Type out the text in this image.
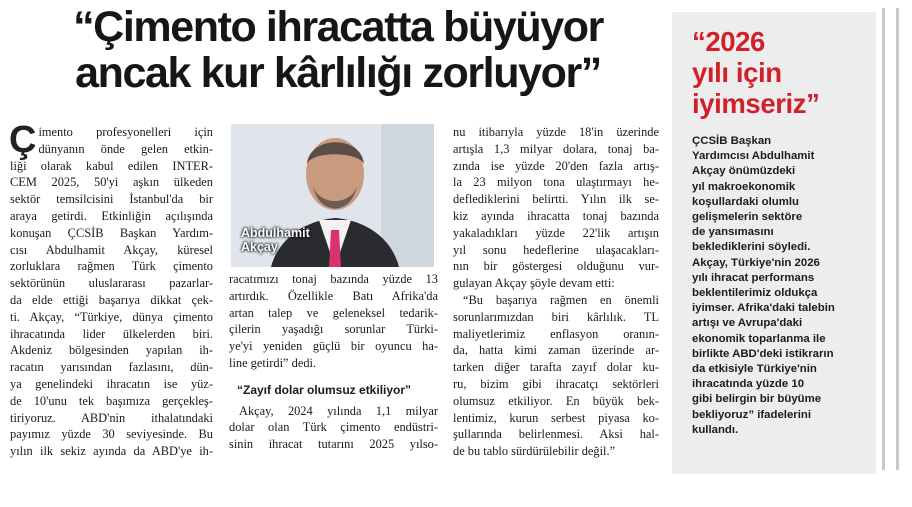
“Çimento ihracatta büyüyor
ancak kur kârlılığı zorluyor”
Ç imento profesyonelleri için
dünyanın önde gelen etkin-
liği olarak kabul edilen INTER-
CEM 2025, 50'yi aşkın ülkeden
sektör temsilcisini İstanbul'da bir
araya getirdi. Etkinliğin açılışında
konuşan ÇCSİB Başkan Yardım-
cısı Abdulhamit Akçay, küresel
zorluklara rağmen Türk çimento
sektörünün uluslararası pazarlar-
da elde ettiği başarıya dikkat çek-
ti. Akçay, “Türkiye, dünya çimento
ihracatında lider ülkelerden biri.
Akdeniz bölgesinden yapılan ih-
racatın yarısından fazlasını, dün-
ya genelindeki ihracatın ise yüz-
de 10'unu tek başımıza gerçekleş-
tiriyoruz. ABD'nin ithalatındaki
payımız yüzde 30 seviyesinde. Bu
yılın ilk sekiz ayında da ABD'ye ih-
Abdulhamit
Akçay
racatımızı tonaj bazında yüzde 13
artırdık. Özellikle Batı Afrika'da
artan talep ve geleneksel tedarik-
çilerin yaşadığı sorunlar Türki-
ye'yi yeniden güçlü bir oyuncu ha-
line getirdi” dedi.
“Zayıf dolar olumsuz etkiliyor”
Akçay, 2024 yılında 1,1 milyar
dolar olan Türk çimento endüstri-
sinin ihracat tutarını 2025 yılso-
nu itibarıyla yüzde 18'in üzerinde
artışla 1,3 milyar dolara, tonaj ba-
zında ise yüzde 20'den fazla artış-
la 23 milyon tona ulaştırmayı he-
deflediklerini belirtti. Yılın ilk se-
kiz ayında ihracatta tonaj bazında
yakaladıkları yüzde 22'lik artışın
yıl sonu hedeflerine ulaşacakları-
nın bir göstergesi olduğunu vur-
gulayan Akçay şöyle devam etti:
“Bu başarıya rağmen en önemli
sorunlarımızdan biri kârlılık. TL
maliyetlerimiz enflasyon oranın-
da, hatta kimi zaman üzerinde ar-
tarken diğer tarafta zayıf dolar ku-
ru, bizim gibi ihracatçı sektörleri
olumsuz etkiliyor. En büyük bek-
lentimiz, kurun serbest piyasa ko-
şullarında belirlenmesi. Aksi hal-
de bu tablo sürdürülebilir değil.”
“2026
yılı için
iyimseriz”
ÇCSİB Başkan
Yardımcısı Abdulhamit
Akçay önümüzdeki
yıl makroekonomik
koşullardaki olumlu
gelişmelerin sektöre
de yansımasını
beklediklerini söyledi.
Akçay, Türkiye'nin 2026
yılı ihracat performans
beklentilerimiz oldukça
iyimser. Afrika'daki talebin
artışı ve Avrupa'daki
ekonomik toparlanma ile
birlikte ABD'deki istikrarın
da etkisiyle Türkiye'nin
ihracatında yüzde 10
gibi belirgin bir büyüme
bekliyoruz” ifadelerini
kullandı.
